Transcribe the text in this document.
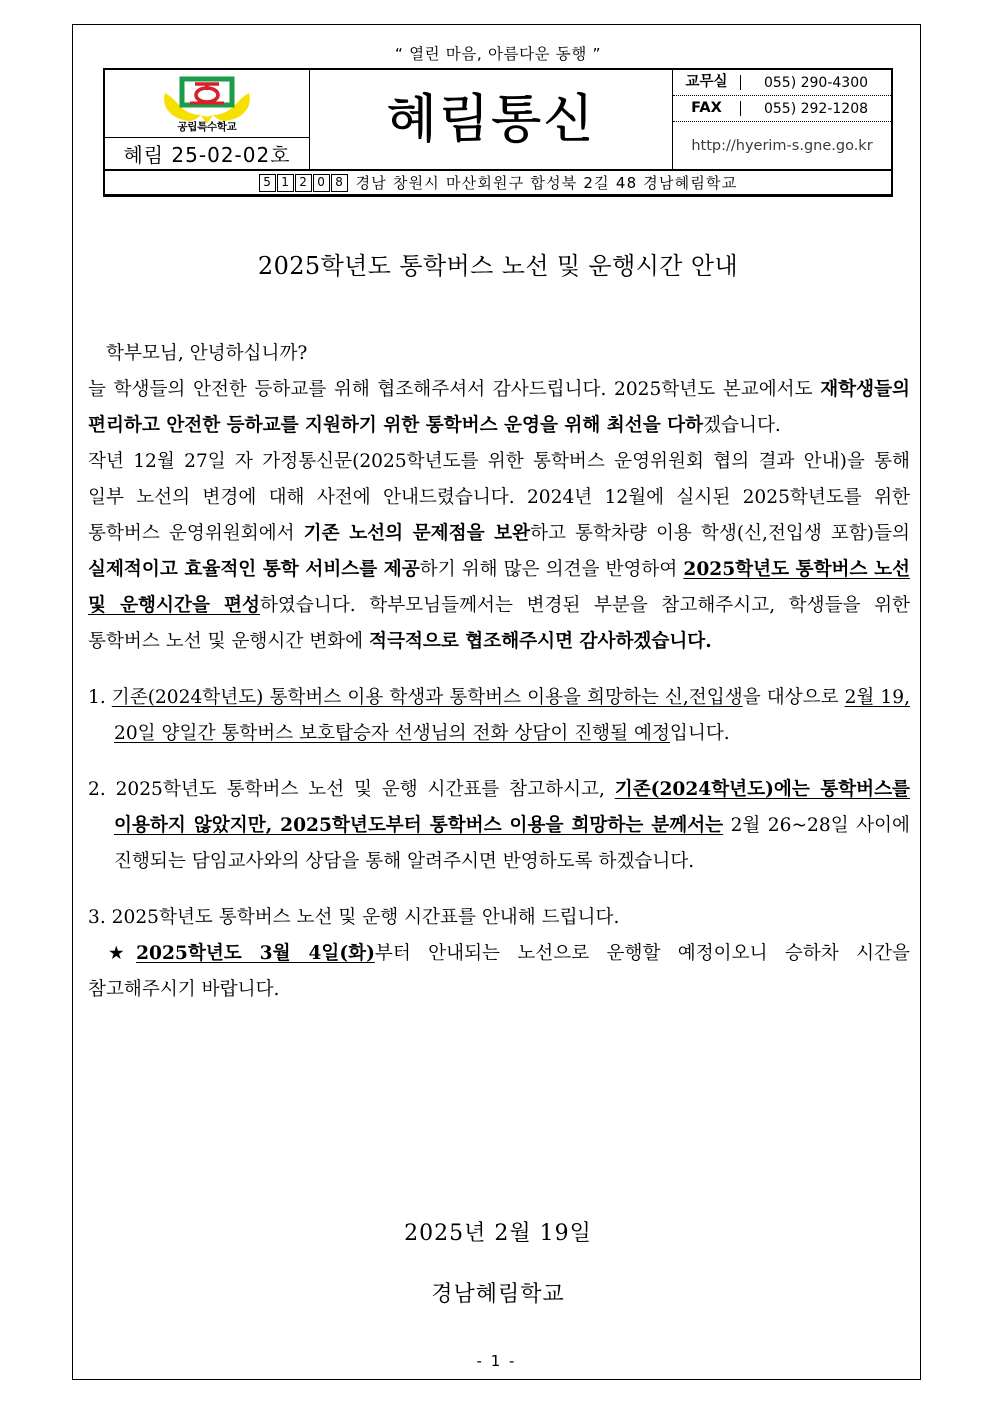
“ 열린 마음, 아름다운 동행 ”
공립특수학교
혜림 25-02-02호
혜림통신
교무실	055) 290-4300
FAX	055) 292-1208
http://hyerim-s.gne.go.kr
5 1 2 0 8 경남 창원시 마산회원구 합성북 2길 48 경남혜림학교
2025학년도 통학버스 노선 및 운행시간 안내

학부모님, 안녕하십니까?

늘 학생들의 안전한 등하교를 위해 협조해주셔서 감사드립니다. 2025학년도 본교에서도 재학생들의 편리하고 안전한 등하교를 지원하기 위한 통학버스 운영을 위해 최선을 다하겠습니다.

작년 12월 27일 자 가정통신문(2025학년도를 위한 통학버스 운영위원회 협의 결과 안내)을 통해 일부 노선의 변경에 대해 사전에 안내드렸습니다. 2024년 12월에 실시된 2025학년도를 위한 통학버스 운영위원회에서 기존 노선의 문제점을 보완하고 통학차량 이용 학생(신,전입생 포함)들의 실제적이고 효율적인 통학 서비스를 제공하기 위해 많은 의견을 반영하여 2025학년도 통학버스 노선 및 운행시간을 편성하였습니다. 학부모님들께서는 변경된 부분을 참고해주시고, 학생들을 위한 통학버스 노선 및 운행시간 변화에 적극적으로 협조해주시면 감사하겠습니다.

1. 기존(2024학년도) 통학버스 이용 학생과 통학버스 이용을 희망하는 신,전입생을 대상으로 2월 19, 20일 양일간 통학버스 보호탑승자 선생님의 전화 상담이 진행될 예정입니다.

2. 2025학년도 통학버스 노선 및 운행 시간표를 참고하시고, 기존(2024학년도)에는 통학버스를 이용하지 않았지만, 2025학년도부터 통학버스 이용을 희망하는 분께서는 2월 26~28일 사이에 진행되는 담임교사와의 상담을 통해 알려주시면 반영하도록 하겠습니다.

3. 2025학년도 통학버스 노선 및 운행 시간표를 안내해 드립니다.

★2025학년도 3월 4일(화)부터 안내되는 노선으로 운행할 예정이오니 승하차 시간을 참고해주시기 바랍니다.

2025년 2월 19일
경남혜림학교
- 1 -
